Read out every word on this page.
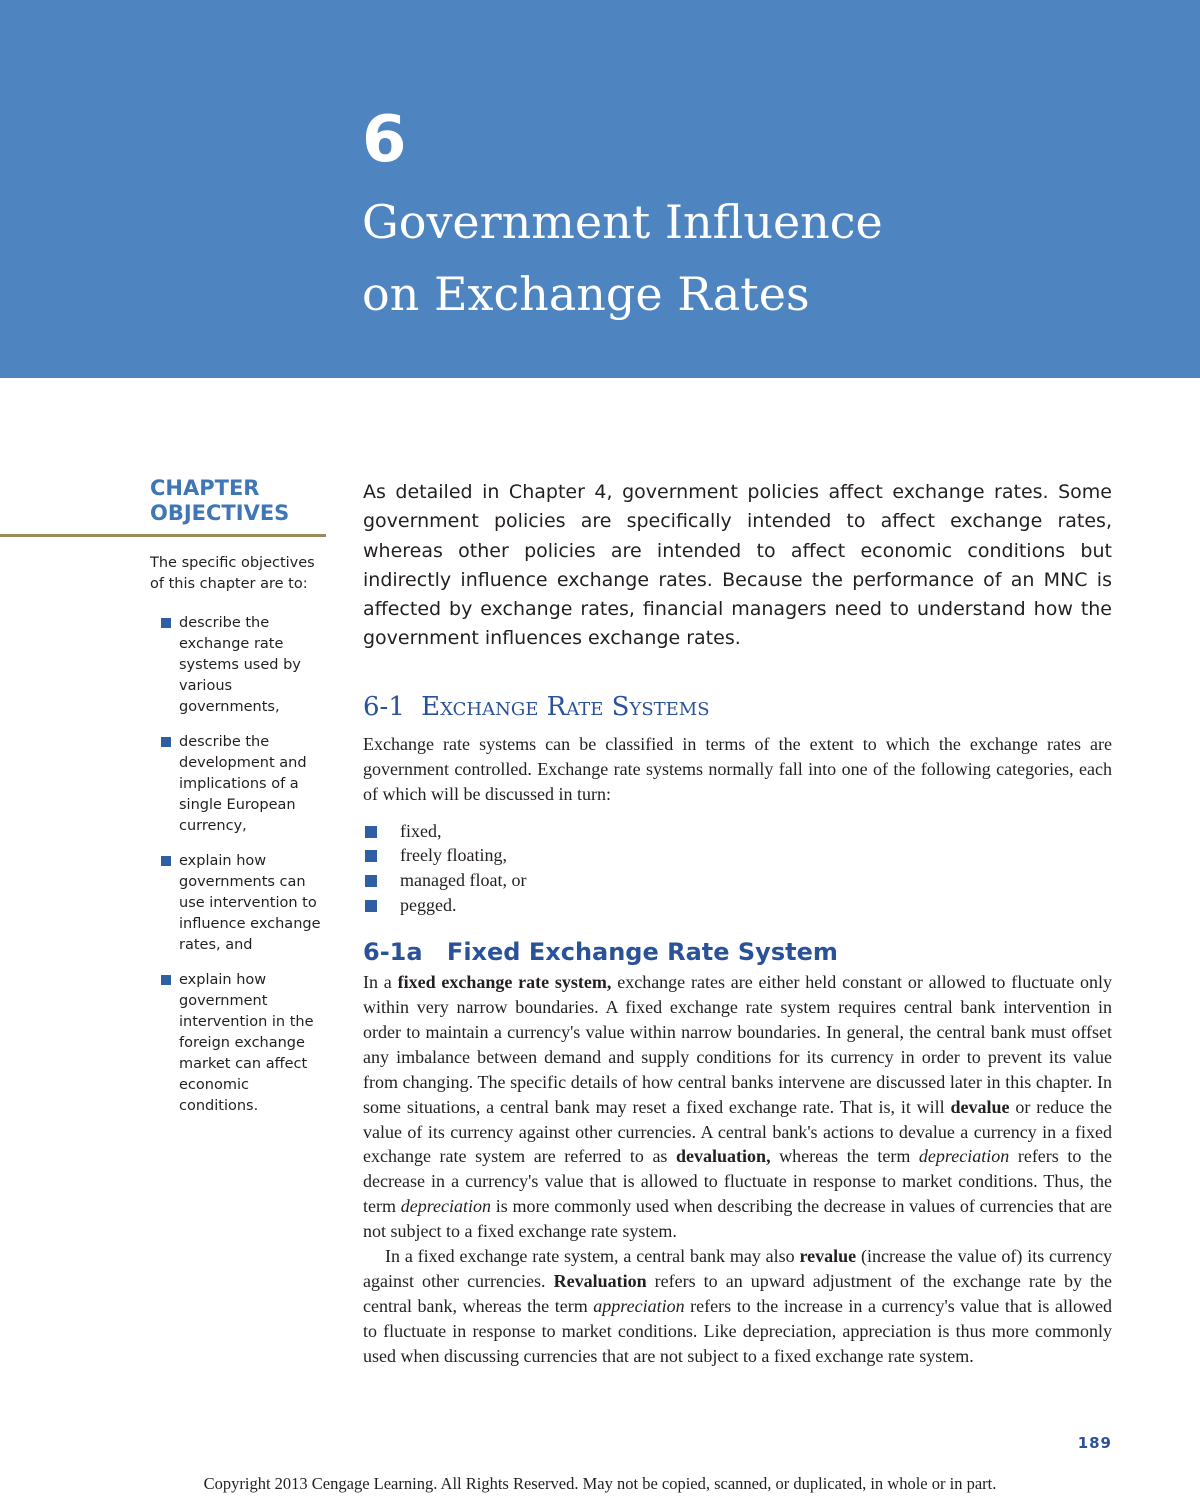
6
Government Influence
on Exchange Rates
CHAPTER
OBJECTIVES

The specific objectives of this chapter are to:

describe the exchange rate systems used by various governments,
describe the development and implications of a single European currency,
explain how governments can use intervention to influence exchange rates, and
explain how government intervention in the foreign exchange market can affect economic conditions.

As detailed in Chapter 4, government policies affect exchange rates. Some government policies are specifically intended to affect exchange rates, whereas other policies are intended to affect economic conditions but indirectly influence exchange rates. Because the performance of an MNC is affected by exchange rates, financial managers need to understand how the government influences exchange rates.

6-1 Exchange Rate Systems

Exchange rate systems can be classified in terms of the extent to which the exchange rates are government controlled. Exchange rate systems normally fall into one of the following categories, each of which will be discussed in turn:

fixed,
freely floating,
managed float, or
pegged.
6-1a Fixed Exchange Rate System

In a fixed exchange rate system, exchange rates are either held constant or allowed to fluctuate only within very narrow boundaries. A fixed exchange rate system requires central bank intervention in order to maintain a currency's value within narrow boundaries. In general, the central bank must offset any imbalance between demand and supply conditions for its currency in order to prevent its value from changing. The specific details of how central banks intervene are discussed later in this chapter. In some situations, a central bank may reset a fixed exchange rate. That is, it will devalue or reduce the value of its currency against other currencies. A central bank's actions to devalue a currency in a fixed exchange rate system are referred to as devaluation, whereas the term depreciation refers to the decrease in a currency's value that is allowed to fluctuate in response to market conditions. Thus, the term depreciation is more commonly used when describing the decrease in values of currencies that are not subject to a fixed exchange rate system.

In a fixed exchange rate system, a central bank may also revalue (increase the value of) its currency against other currencies. Revaluation refers to an upward adjustment of the exchange rate by the central bank, whereas the term appreciation refers to the increase in a currency's value that is allowed to fluctuate in response to market conditions. Like depreciation, appreciation is thus more commonly used when discussing currencies that are not subject to a fixed exchange rate system.

189
Copyright 2013 Cengage Learning. All Rights Reserved. May not be copied, scanned, or duplicated, in whole or in part.
